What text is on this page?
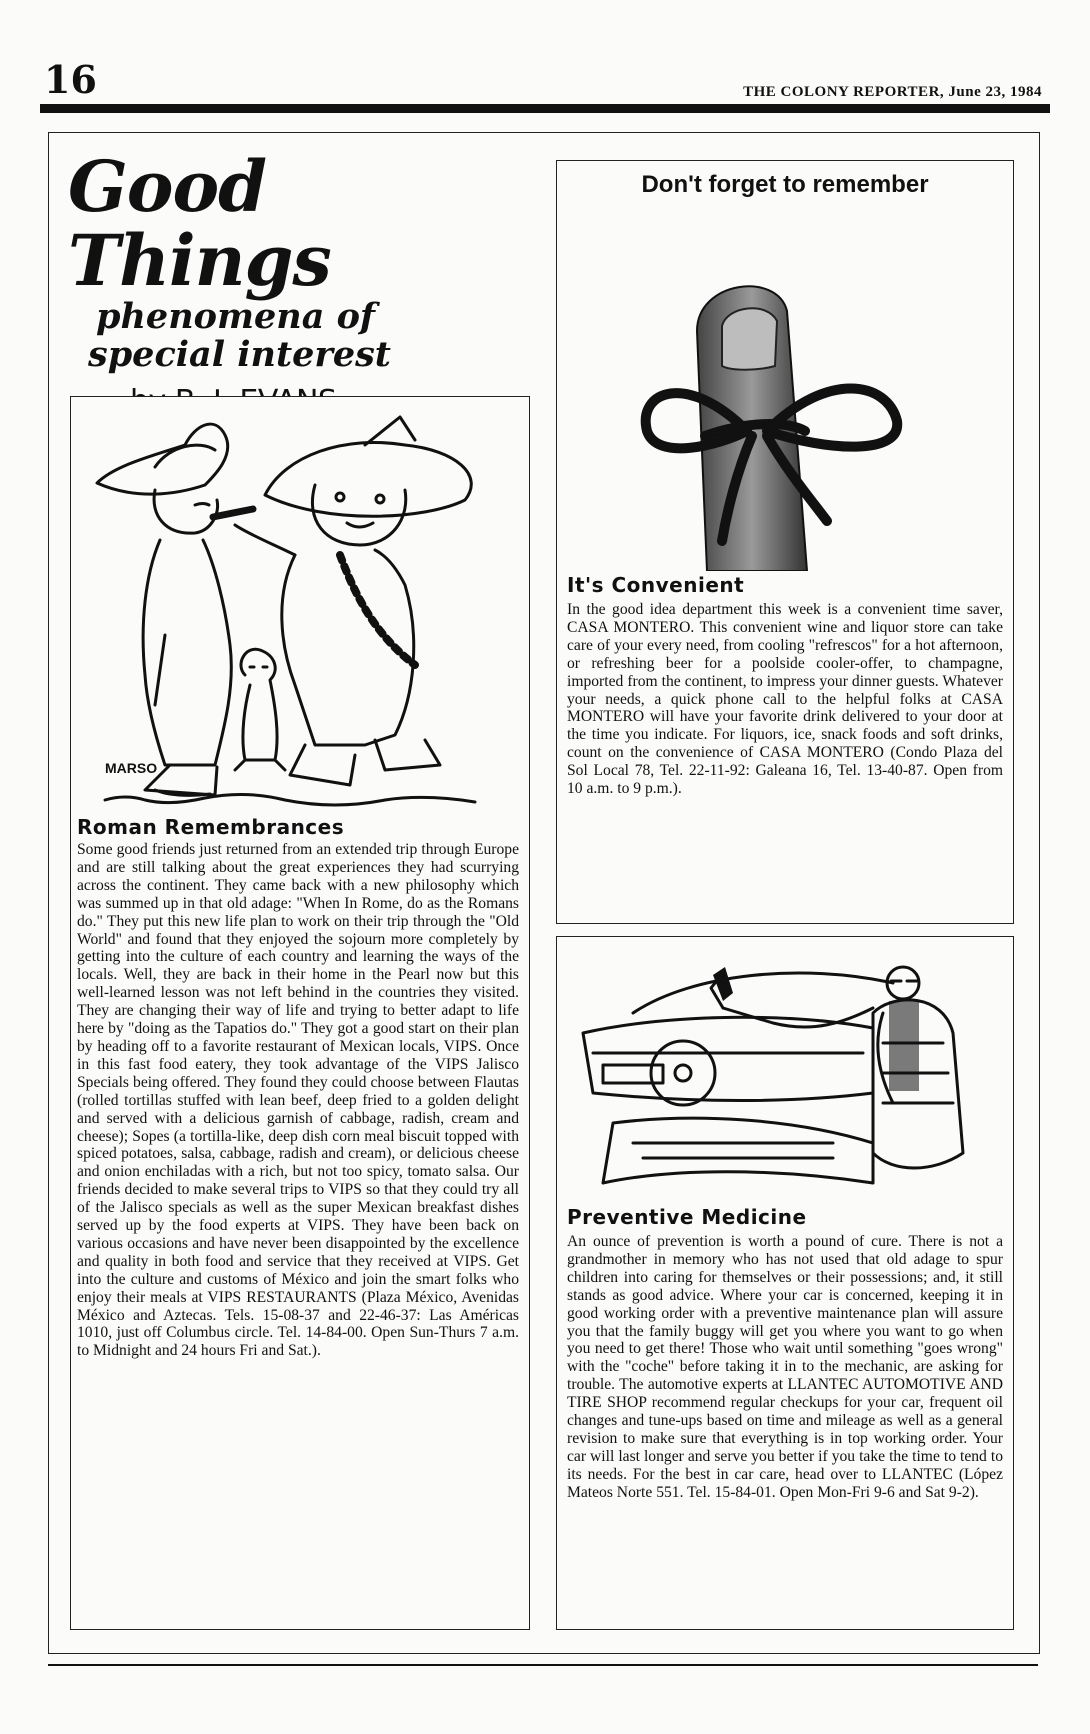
16	THE COLONY REPORTER, June 23, 1984
Good Things
phenomena of
special interest
MARSO
Roman Remembrances
Some good friends just returned from an extended trip through Europe and are still talking about the great experiences they had scurrying across the continent. They came back with a new philosophy which was summed up in that old adage: "When In Rome, do as the Romans do." They put this new life plan to work on their trip through the "Old World" and found that they enjoyed the sojourn more completely by getting into the culture of each country and learning the ways of the locals. Well, they are back in their home in the Pearl now but this well-learned lesson was not left behind in the countries they visited. They are changing their way of life and trying to better adapt to life here by "doing as the Tapatios do." They got a good start on their plan by heading off to a favorite restaurant of Mexican locals, VIPS. Once in this fast food eatery, they took advantage of the VIPS Jalisco Specials being offered. They found they could choose between Flautas (rolled tortillas stuffed with lean beef, deep fried to a golden delight and served with a delicious garnish of cabbage, radish, cream and cheese); Sopes (a tortilla-like, deep dish corn meal biscuit topped with spiced potatoes, salsa, cabbage, radish and cream), or delicious cheese and onion enchiladas with a rich, but not too spicy, tomato salsa. Our friends decided to make several trips to VIPS so that they could try all of the Jalisco specials as well as the super Mexican breakfast dishes served up by the food experts at VIPS. They have been back on various occasions and have never been disappointed by the excellence and quality in both food and service that they received at VIPS. Get into the culture and customs of México and join the smart folks who enjoy their meals at VIPS RESTAURANTS (Plaza México, Avenidas México and Aztecas. Tels. 15-08-37 and 22-46-37: Las Américas 1010, just off Columbus circle. Tel. 14-84-00. Open Sun-Thurs 7 a.m. to Midnight and 24 hours Fri and Sat.).
Don't forget to remember
It's Convenient
In the good idea department this week is a convenient time saver, CASA MONTERO. This convenient wine and liquor store can take care of your every need, from cooling "refrescos" for a hot afternoon, or refreshing beer for a poolside cooler-offer, to champagne, imported from the continent, to impress your dinner guests. Whatever your needs, a quick phone call to the helpful folks at CASA MONTERO will have your favorite drink delivered to your door at the time you indicate. For liquors, ice, snack foods and soft drinks, count on the convenience of CASA MONTERO (Condo Plaza del Sol Local 78, Tel. 22-11-92: Galeana 16, Tel. 13-40-87. Open from 10 a.m. to 9 p.m.).
Preventive Medicine
An ounce of prevention is worth a pound of cure. There is not a grandmother in memory who has not used that old adage to spur children into caring for themselves or their possessions; and, it still stands as good advice. Where your car is concerned, keeping it in good working order with a preventive maintenance plan will assure you that the family buggy will get you where you want to go when you need to get there! Those who wait until something "goes wrong" with the "coche" before taking it in to the mechanic, are asking for trouble. The automotive experts at LLANTEC AUTOMOTIVE AND TIRE SHOP recommend regular checkups for your car, frequent oil changes and tune-ups based on time and mileage as well as a general revision to make sure that everything is in top working order. Your car will last longer and serve you better if you take the time to tend to its needs. For the best in car care, head over to LLANTEC (López Mateos Norte 551. Tel. 15-84-01. Open Mon-Fri 9-6 and Sat 9-2).
